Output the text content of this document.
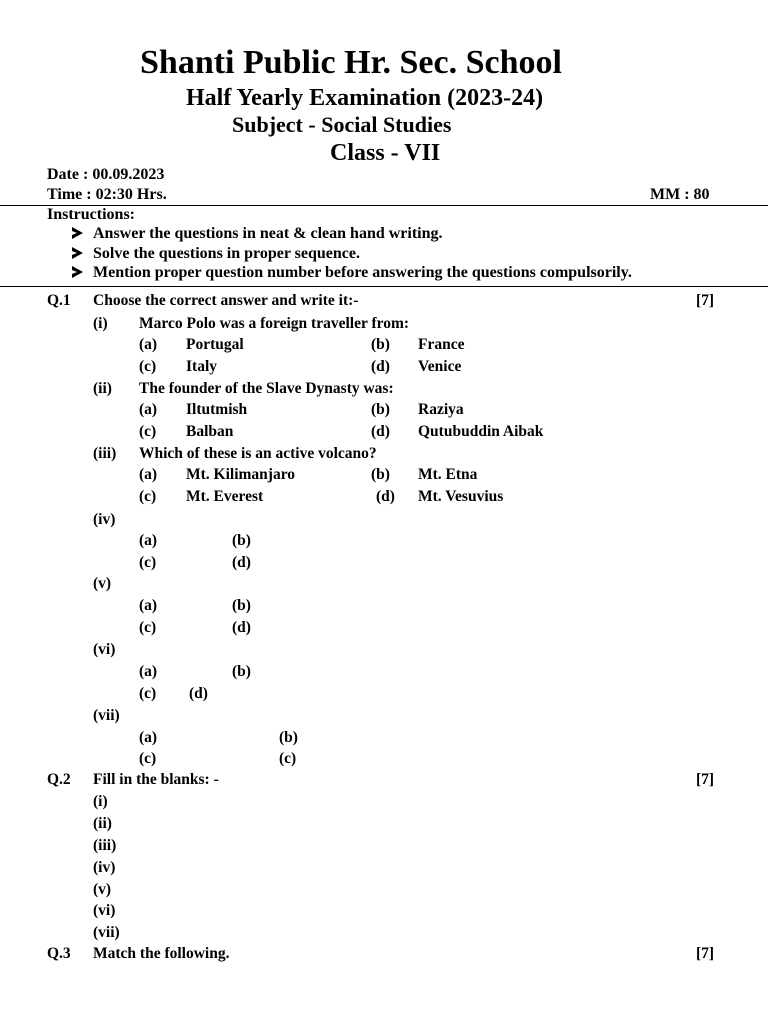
Shanti Public Hr. Sec. School
Half Yearly Examination (2023-24)
Subject - Social Studies
Class - VII
Date : 00.09.2023
Time : 02:30 Hrs.	MM : 80
Instructions:
Answer the questions in neat & clean hand writing.
Solve the questions in proper sequence.
Mention proper question number before answering the questions compulsorily.
Q.1 Choose the correct answer and write it:-	[7]
(i) Marco Polo was a foreign traveller from:
(a) Portugal	(b) France
(c) Italy	(d) Venice
(ii) The founder of the Slave Dynasty was:
(a) Iltutmish	(b) Raziya
(c) Balban	(d) Qutubuddin Aibak
(iii) Which of these is an active volcano?
(a) Mt. Kilimanjaro	(b) Mt. Etna
(c) Mt. Everest	(d) Mt. Vesuvius
(iv)
(a)	(b)
(c)	(d)
(v)
(a)	(b)
(c)	(d)
(vi)
(a)	(b)
(c) (d)
(vii)
(a)	(b)
(c)	(c)
Q.2 Fill in the blanks: -	[7]
(i)
(ii)
(iii)
(iv)
(v)
(vi)
(vii)
Q.3 Match the following.	[7]
